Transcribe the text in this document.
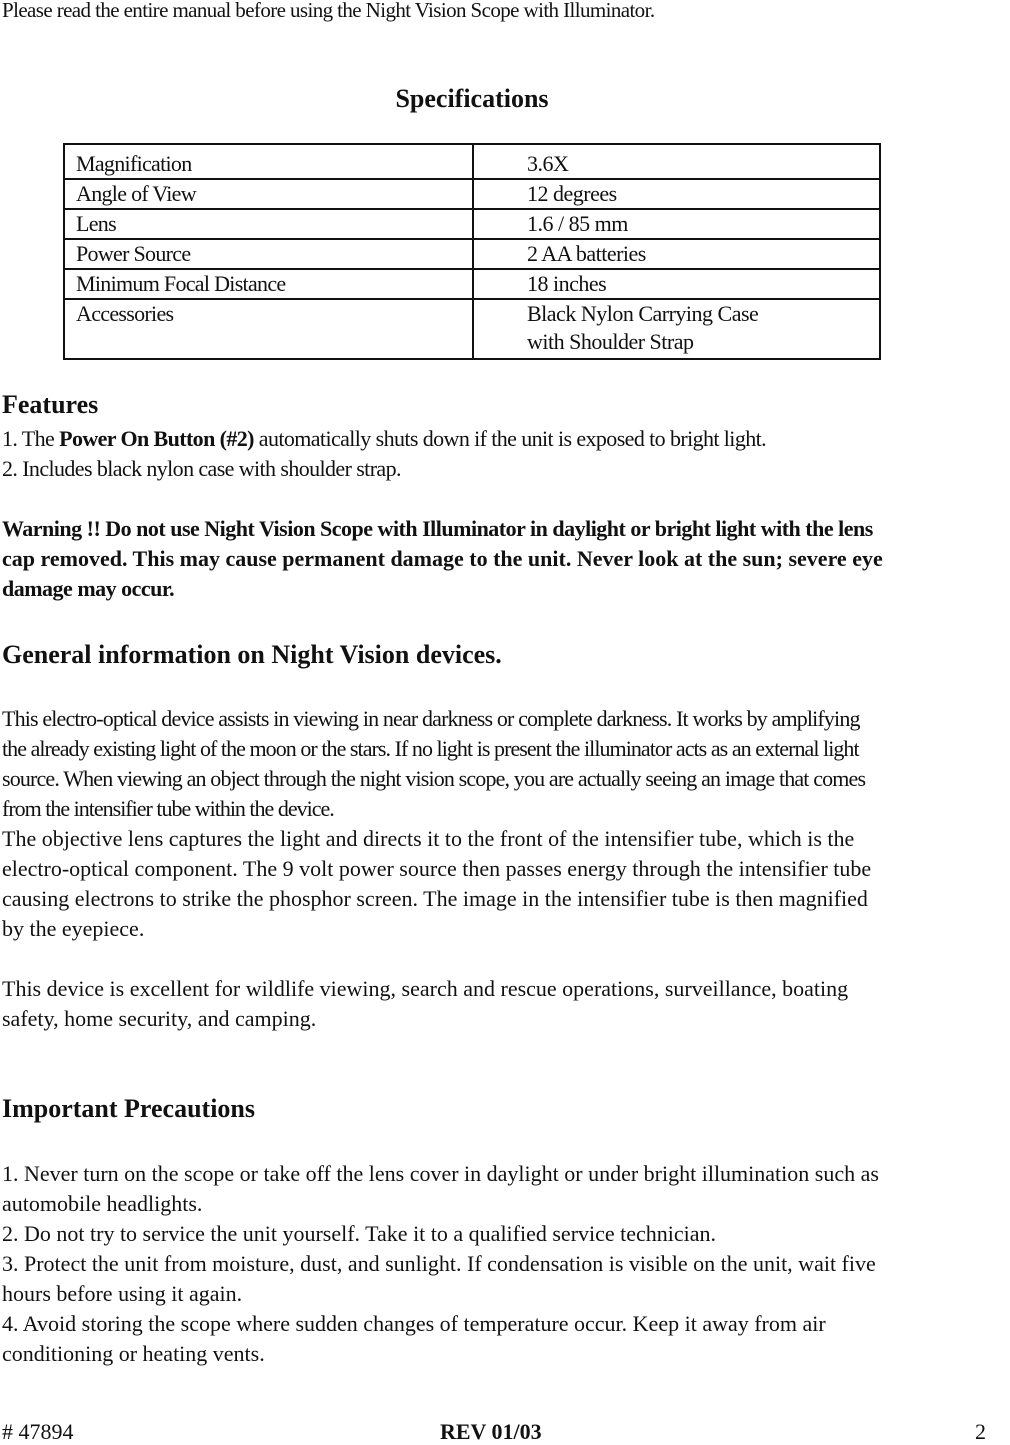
Please read the entire manual before using the Night Vision Scope with Illuminator.

Specifications
Magnification	3.6X
Angle of View	12 degrees
Lens	1.6 / 85 mm
Power Source	2 AA batteries
Minimum Focal Distance	18 inches
Accessories	Black Nylon Carrying Case
with Shoulder Strap
Features

1. The Power On Button (#2) automatically shuts down if the unit is exposed to bright light.

2. Includes black nylon case with shoulder strap.

Warning !! Do not use Night Vision Scope with Illuminator in daylight or bright light with the lens

cap removed. This may cause permanent damage to the unit. Never look at the sun; severe eye

damage may occur.

General information on Night Vision devices.

This electro-optical device assists in viewing in near darkness or complete darkness. It works by amplifying

the already existing light of the moon or the stars. If no light is present the illuminator acts as an external light

source. When viewing an object through the night vision scope, you are actually seeing an image that comes

from the intensifier tube within the device.

The objective lens captures the light and directs it to the front of the intensifier tube, which is the

electro-optical component. The 9 volt power source then passes energy through the intensifier tube

causing electrons to strike the phosphor screen. The image in the intensifier tube is then magnified

by the eyepiece.

This device is excellent for wildlife viewing, search and rescue operations, surveillance, boating

safety, home security, and camping.

Important Precautions

1. Never turn on the scope or take off the lens cover in daylight or under bright illumination such as

automobile headlights.

2. Do not try to service the unit yourself. Take it to a qualified service technician.

3. Protect the unit from moisture, dust, and sunlight. If condensation is visible on the unit, wait five

hours before using it again.

4. Avoid storing the scope where sudden changes of temperature occur. Keep it away from air

conditioning or heating vents.

# 47894	REV 01/03	2
